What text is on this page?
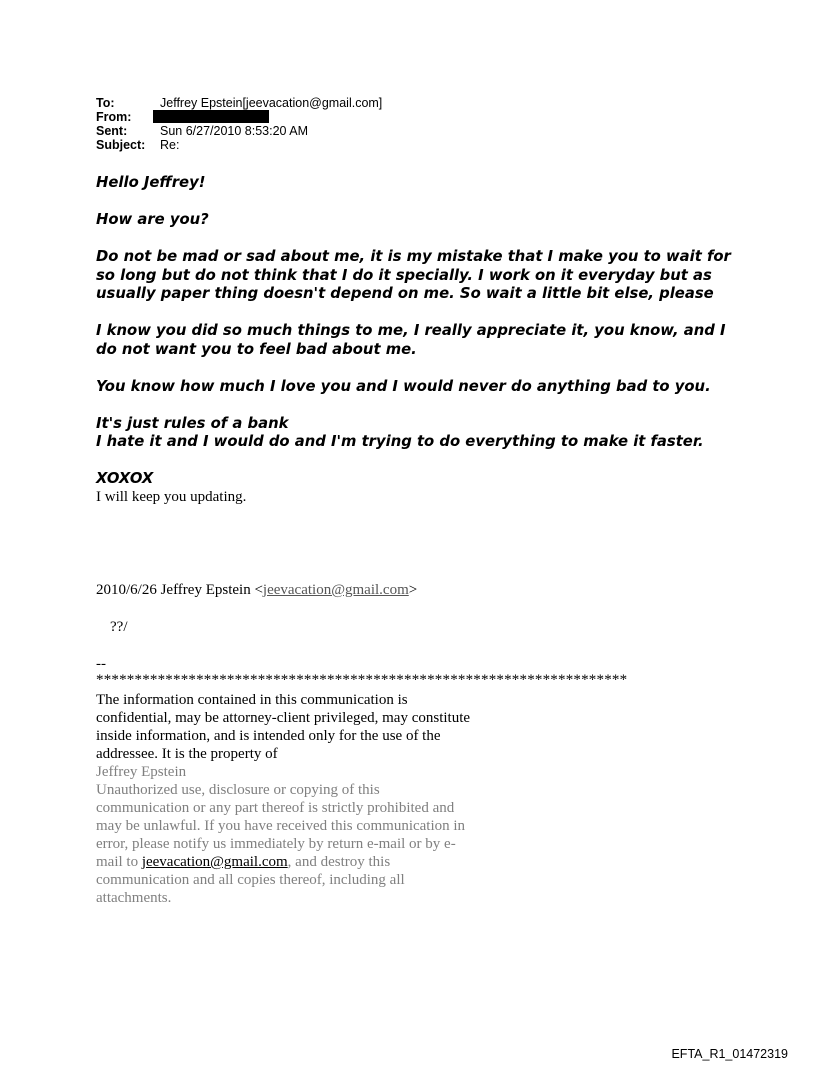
To:	Jeffrey Epstein[jeevacation@gmail.com]
From:
Sent:	Sun 6/27/2010 8:53:20 AM
Subject:	Re:

Hello Jeffrey!

How are you?

Do not be mad or sad about me, it is my mistake that I make you to wait for so long but do not think that I do it specially. I work on it everyday but as usually paper thing doesn't depend on me. So wait a little bit else, please

I know you did so much things to me, I really appreciate it, you know, and I do not want you to feel bad about me.

You know how much I love you and I would never do anything bad to you.

It's just rules of a bank
I hate it and I would do and I'm trying to do everything to make it faster.

XOXOX

I will keep you updating.
2010/6/26 Jeffrey Epstein <jeevacation@gmail.com>
??/
--
*********************************************************************
The information contained in this communication is confidential, may be attorney-client privileged, may constitute inside information, and is intended only for the use of the addressee. It is the property of
Jeffrey Epstein
Unauthorized use, disclosure or copying of this communication or any part thereof is strictly prohibited and may be unlawful. If you have received this communication in error, please notify us immediately by return e-mail or by e-mail to jeevacation@gmail.com, and destroy this communication and all copies thereof, including all attachments.
EFTA_R1_01472319
